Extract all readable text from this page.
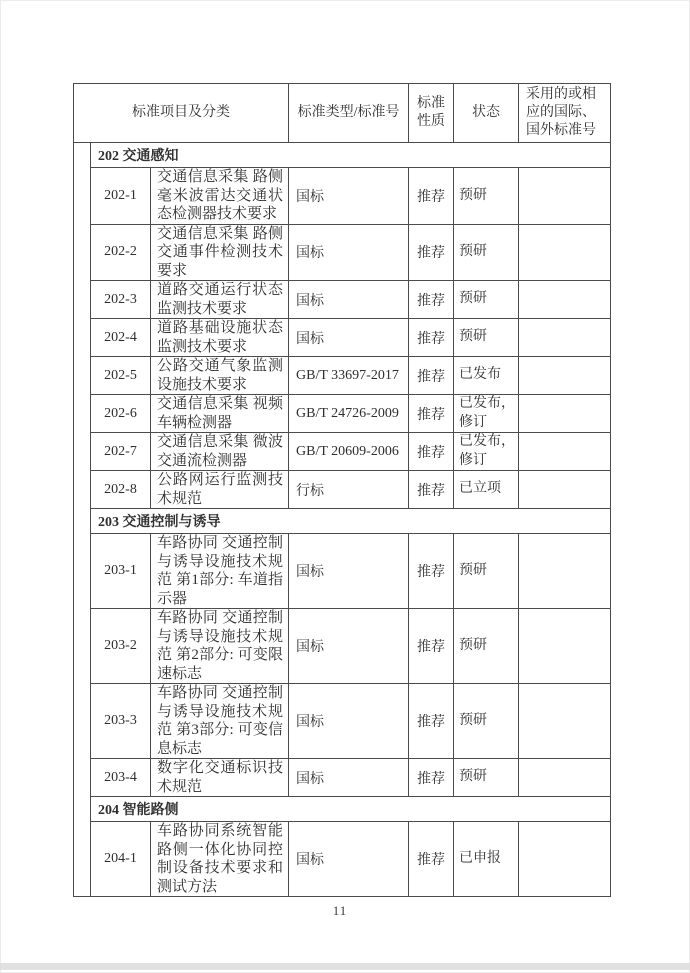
标准项目及分类			标准类型/标准号	标准性质	状态	采用的或相应的国际、国外标准号
	202 交通感知					
	202-1	交通信息采集 路侧毫米波雷达交通状态检测器技术要求	国标	推荐	预研	
	202-2	交通信息采集 路侧交通事件检测技术要求	国标	推荐	预研	
	202-3	道路交通运行状态监测技术要求	国标	推荐	预研	
	202-4	道路基础设施状态监测技术要求	国标	推荐	预研	
	202-5	公路交通气象监测设施技术要求	GB/T 33697-2017	推荐	已发布	
	202-6	交通信息采集 视频车辆检测器	GB/T 24726-2009	推荐	已发布，修订	
	202-7	交通信息采集 微波交通流检测器	GB/T 20609-2006	推荐	已发布，修订	
	202-8	公路网运行监测技术规范	行标	推荐	已立项	
	203 交通控制与诱导					
	203-1	车路协同 交通控制与诱导设施技术规范 第1部分: 车道指示器	国标	推荐	预研	
	203-2	车路协同 交通控制与诱导设施技术规范 第2部分: 可变限速标志	国标	推荐	预研	
	203-3	车路协同 交通控制与诱导设施技术规范 第3部分: 可变信息标志	国标	推荐	预研	
	203-4	数字化交通标识技术规范	国标	推荐	预研	
	204 智能路侧					
	204-1	车路协同系统智能路侧一体化协同控制设备技术要求和测试方法	国标	推荐	已申报	
11
